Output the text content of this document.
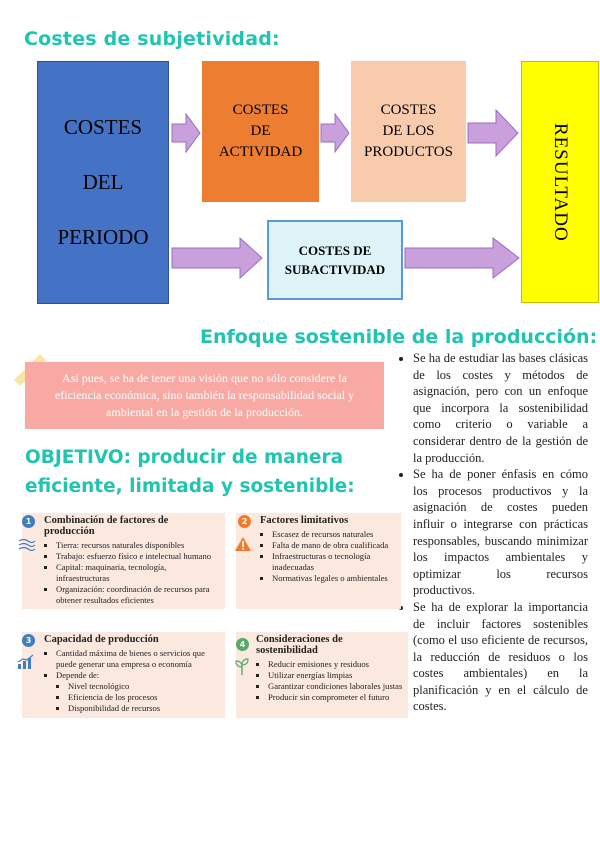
Costes de subjetividad:
COSTES
DEL
PERIODO
COSTES
DE
ACTIVIDAD
COSTES
DE LOS
PRODUCTOS
COSTES DE
SUBACTIVIDAD
RESULTADO
Enfoque sostenible de la producción:
Así pues, se ha de tener una visión que no sólo considere la eficiencia económica, sino también la responsabilidad social y ambiental en la gestión de la producción.
OBJETIVO: producir de manera
eficiente, limitada y sostenible:
• Se ha de estudiar las bases clásicas de los costes y métodos de asignación, pero con un enfoque que incorpora la sostenibilidad como criterio o variable a considerar dentro de la gestión de la producción.
• Se ha de poner énfasis en cómo los procesos productivos y la asignación de costes pueden influir o integrarse con prácticas responsables, buscando minimizar los impactos ambientales y optimizar los recursos productivos.
• Se ha de explorar la importancia de incluir factores sostenibles (como el uso eficiente de recursos, la reducción de residuos o los costes ambientales) en la planificación y en el cálculo de costes.
Combinación de factores de producción
▪ Tierra: recursos naturales disponibles
▪ Trabajo: esfuerzo físico e intelectual humano
▪ Capital: maquinaria, tecnología, infraestructuras
▪ Organización: coordinación de recursos para obtener resultados eficientes
1	Factores limitativos
▪ Escasez de recursos naturales
▪ Falta de mano de obra cualificada
▪ Infraestructuras o tecnología inadecuadas
▪ Normativas legales o ambientales
2
Capacidad de producción
▪ Cantidad máxima de bienes o servicios que puede generar una empresa o economía
▪ Depende de:
▪ Nivel tecnológico
▪ Eficiencia de los procesos
▪ Disponibilidad de recursos
3	Consideraciones de sostenibilidad
▪ Reducir emisiones y residuos
▪ Utilizar energías limpias
▪ Garantizar condiciones laborales justas
▪ Producir sin comprometer el futuro
4
